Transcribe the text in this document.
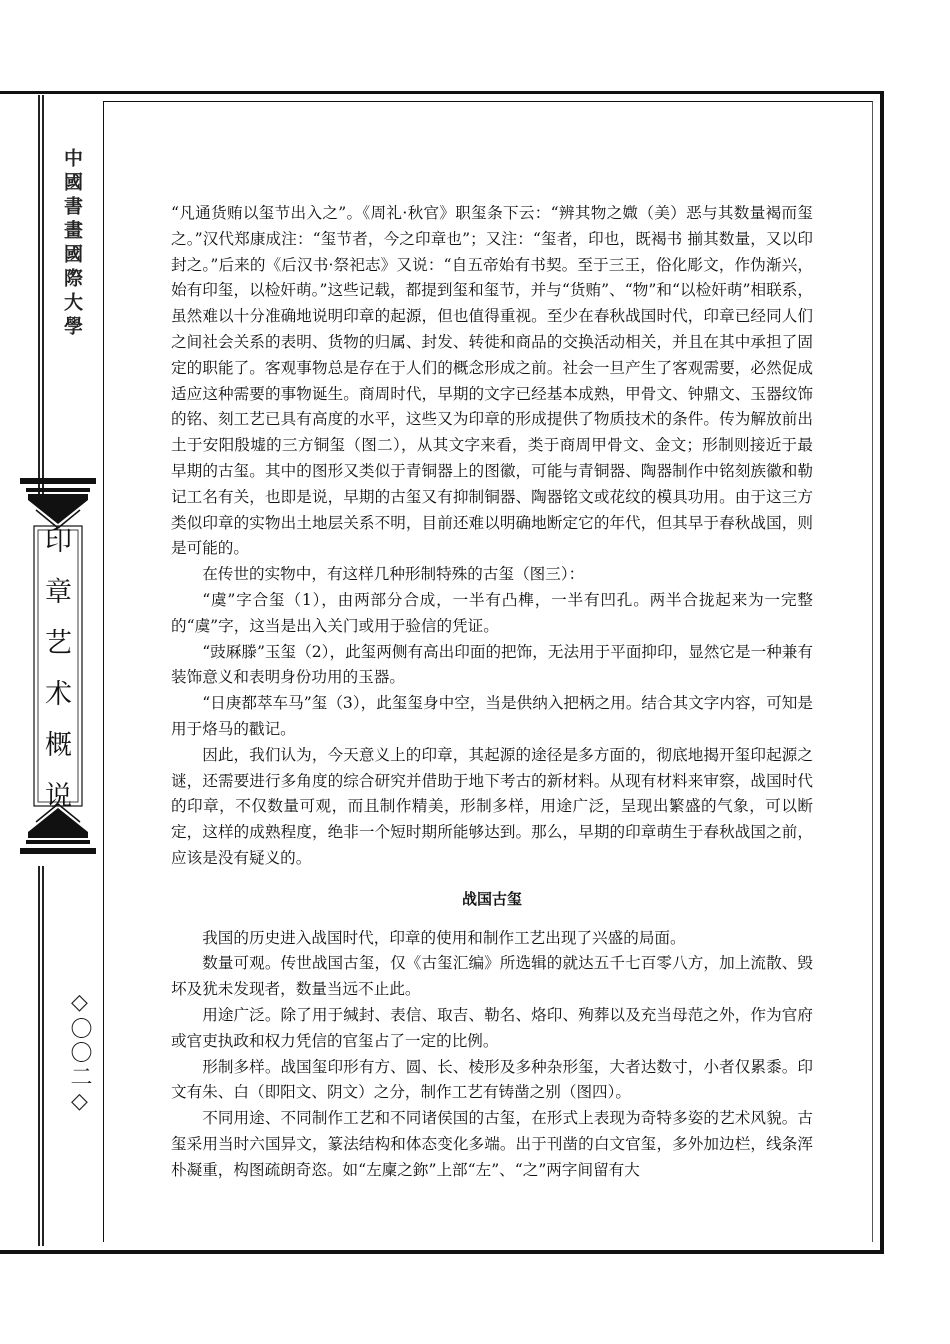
中國書畫國際大學
印章艺术概说
◇〇〇二◇

“凡通货贿以玺节出入之”。《周礼·秋官》职玺条下云：“辨其物之媺（美）恶与其数量褐而玺之。”汉代郑康成注：“玺节者，今之印章也”；又注：“玺者，印也，既褐书 揃其数量，又以印封之。”后来的《后汉书·祭祀志》又说：“自五帝始有书契。至于三王，俗化彫文，作伪渐兴，始有印玺，以检奸萌。”这些记载，都提到玺和玺节，并与“货贿”、“物”和“以检奸萌”相联系，虽然难以十分准确地说明印章的起源，但也值得重视。至少在春秋战国时代，印章已经同人们之间社会关系的表明、货物的归属、封发、转徙和商品的交换活动相关，并且在其中承担了固定的职能了。客观事物总是存在于人们的概念形成之前。社会一旦产生了客观需要，必然促成适应这种需要的事物诞生。商周时代，早期的文字已经基本成熟，甲骨文、钟鼎文、玉器纹饰的铭、刻工艺已具有高度的水平，这些又为印章的形成提供了物质技术的条件。传为解放前出土于安阳殷墟的三方铜玺（图二），从其文字来看，类于商周甲骨文、金文；形制则接近于最早期的古玺。其中的图形又类似于青铜器上的图徽，可能与青铜器、陶器制作中铭刻族徽和勒记工名有关，也即是说，早期的古玺又有抑制铜器、陶器铭文或花纹的模具功用。由于这三方类似印章的实物出土地层关系不明，目前还难以明确地断定它的年代，但其早于春秋战国，则是可能的。

在传世的实物中，有这样几种形制特殊的古玺（图三）：

“虞”字合玺（1），由两部分合成，一半有凸榫，一半有凹孔。两半合拢起来为一完整的“虞”字，这当是出入关门或用于验信的凭证。

“豉厤滕”玉玺（2），此玺两侧有高出印面的把饰，无法用于平面抑印，显然它是一种兼有装饰意义和表明身份功用的玉器。

“日庚都萃车马”玺（3），此玺玺身中空，当是供纳入把柄之用。结合其文字内容，可知是用于烙马的戳记。

因此，我们认为，今天意义上的印章，其起源的途径是多方面的，彻底地揭开玺印起源之谜，还需要进行多角度的综合研究并借助于地下考古的新材料。从现有材料来审察，战国时代的印章，不仅数量可观，而且制作精美，形制多样，用途广泛，呈现出繁盛的气象，可以断定，这样的成熟程度，绝非一个短时期所能够达到。那么，早期的印章萌生于春秋战国之前，应该是没有疑义的。

战国古玺

我国的历史进入战国时代，印章的使用和制作工艺出现了兴盛的局面。

数量可观。传世战国古玺，仅《古玺汇编》所选辑的就达五千七百零八方，加上流散、毁坏及犹未发现者，数量当远不止此。

用途广泛。除了用于缄封、表信、取吉、勒名、烙印、殉葬以及充当母范之外，作为官府或官吏执政和权力凭信的官玺占了一定的比例。

形制多样。战国玺印形有方、圆、长、棱形及多种杂形玺，大者达数寸，小者仅累黍。印文有朱、白（即阳文、阴文）之分，制作工艺有铸凿之别（图四）。

不同用途、不同制作工艺和不同诸侯国的古玺，在形式上表现为奇特多姿的艺术风貌。古玺采用当时六国异文，篆法结构和体态变化多端。出于刊凿的白文官玺，多外加边栏，线条浑朴凝重，构图疏朗奇恣。如“左廩之鉨”上部“左”、“之”两字间留有大
